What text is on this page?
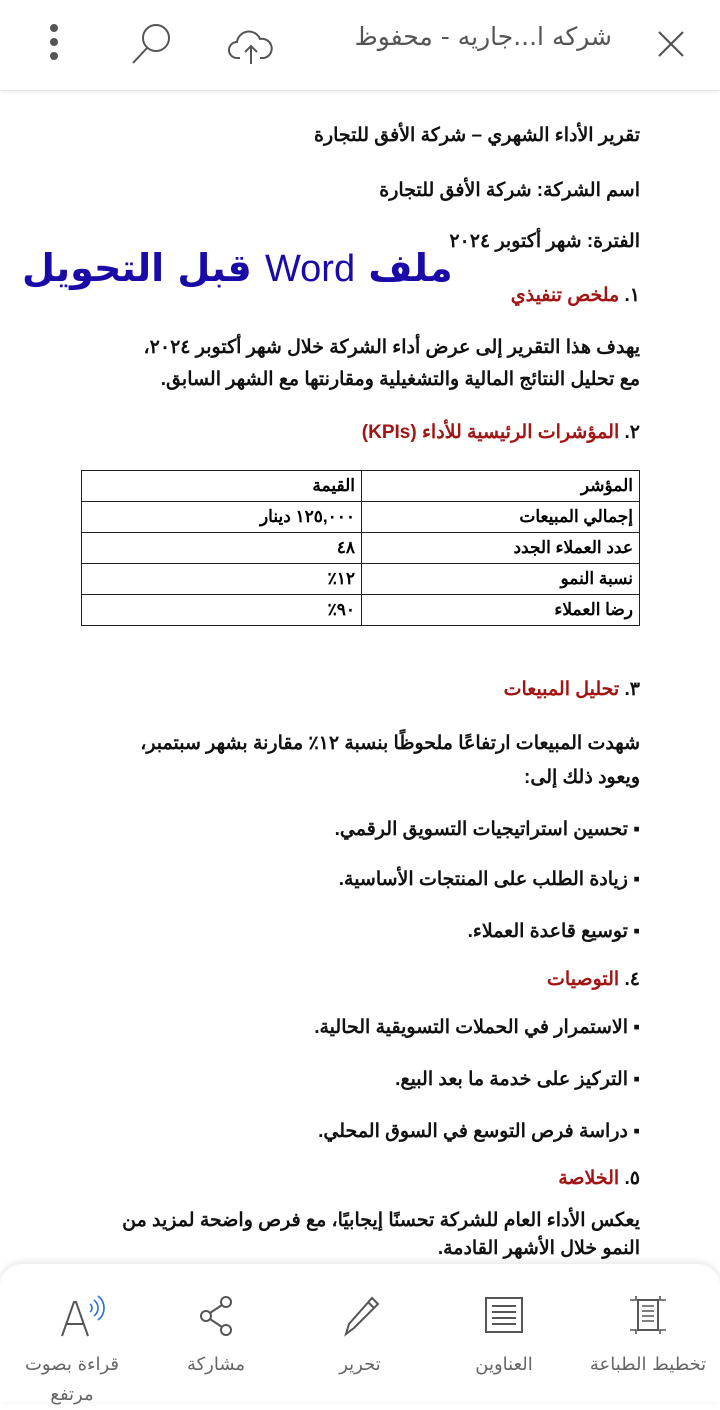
شركه ا...جاريه - محفوظ
تقرير الأداء الشهري – شركة الأفق للتجارة
اسم الشركة: شركة الأفق للتجارة
الفترة: شهر أكتوبر ٢٠٢٤
١. ملخص تنفيذي
يهدف هذا التقرير إلى عرض أداء الشركة خلال شهر أكتوبر ٢٠٢٤،
مع تحليل النتائج المالية والتشغيلية ومقارنتها مع الشهر السابق.
٢. المؤشرات الرئيسية للأداء (KPIs)
المؤشر	القيمة
إجمالي المبيعات	١٢٥,٠٠٠ دينار
عدد العملاء الجدد	٤٨
نسبة النمو	١٢٪
رضا العملاء	٩٠٪
٣. تحليل المبيعات
شهدت المبيعات ارتفاعًا ملحوظًا بنسبة ١٢٪ مقارنة بشهر سبتمبر،
ويعود ذلك إلى:
▪ تحسين استراتيجيات التسويق الرقمي.
▪ زيادة الطلب على المنتجات الأساسية.
▪ توسيع قاعدة العملاء.
٤. التوصيات
▪ الاستمرار في الحملات التسويقية الحالية.
▪ التركيز على خدمة ما بعد البيع.
▪ دراسة فرص التوسع في السوق المحلي.
٥. الخلاصة
يعكس الأداء العام للشركة تحسنًا إيجابيًا، مع فرص واضحة لمزيد من
النمو خلال الأشهر القادمة.
ملف Word قبل التحويل
تخطيط الطباعة
العناوين
تحرير
مشاركة
قراءة بصوت مرتفع
